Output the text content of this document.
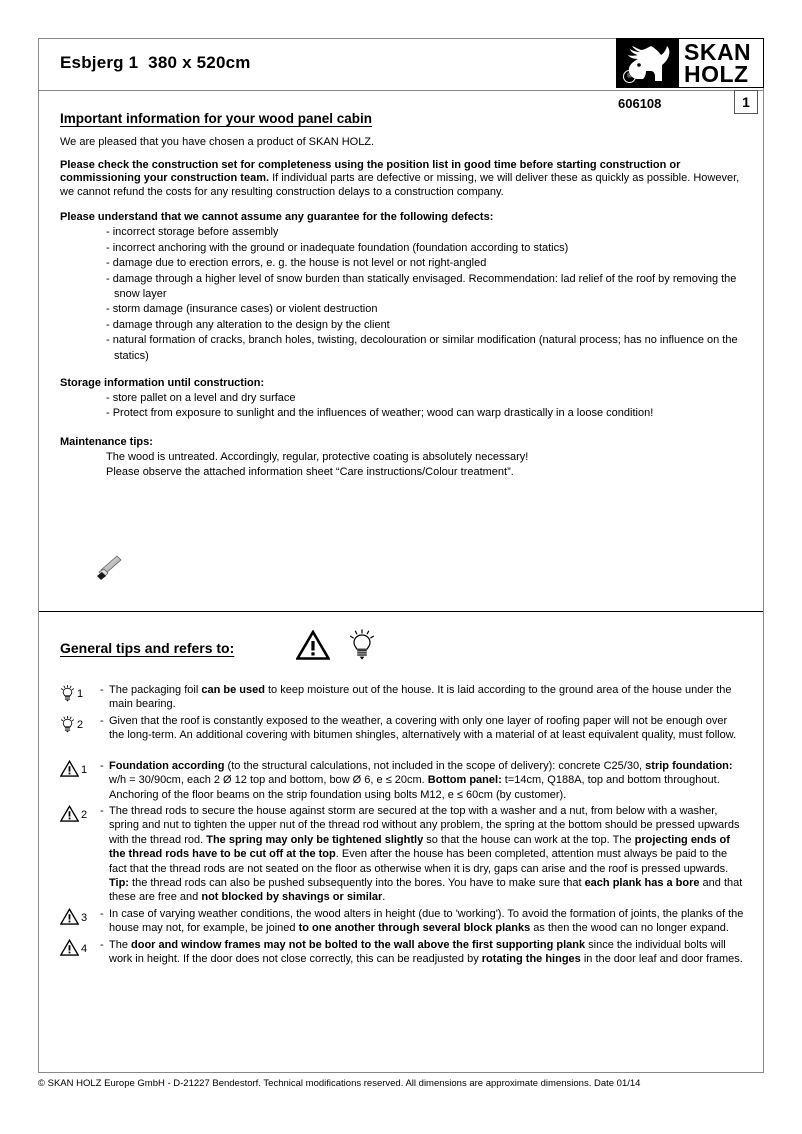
Esbjerg 1  380 x 520cm
Important information for your wood panel cabin

We are pleased that you have chosen a product of SKAN HOLZ.

Please check the construction set for completeness using the position list in good time before starting construction or commissioning your construction team. If individual parts are defective or missing, we will deliver these as quickly as possible. However, we cannot refund the costs for any resulting construction delays to a construction company.

Please understand that we cannot assume any guarantee for the following defects:

- incorrect storage before assembly
- incorrect anchoring with the ground or inadequate foundation (foundation according to statics)
- damage due to erection errors, e. g. the house is not level or not right-angled
- damage through a higher level of snow burden than statically envisaged. Recommendation: lad relief of the roof by removing the snow layer
- storm damage (insurance cases) or violent destruction
- damage through any alteration to the design by the client
- natural formation of cracks, branch holes, twisting, decolouration or similar modification (natural process; has no influence on the statics)

Storage information until construction:

- store pallet on a level and dry surface
- Protect from exposure to sunlight and the influences of weather; wood can warp drastically in a loose condition!

Maintenance tips:

The wood is untreated. Accordingly, regular, protective coating is absolutely necessary!
Please observe the attached information sheet “Care instructions/Colour treatment”.
General tips and refers to:
1 - The packaging foil can be used to keep moisture out of the house. It is laid according to the ground area of the house under the main bearing.
2 - Given that the roof is constantly exposed to the weather, a covering with only one layer of roofing paper will not be enough over the long-term. An additional covering with bitumen shingles, alternatively with a material of at least equivalent quality, must follow.
1 - Foundation according (to the structural calculations, not included in the scope of delivery): concrete C25/30, strip foundation: w/h = 30/90cm, each 2 Ø 12 top and bottom, bow Ø 6, e ≤ 20cm. Bottom panel: t=14cm, Q188A, top and bottom throughout. Anchoring of the floor beams on the strip foundation using bolts M12, e ≤ 60cm (by customer).
2 - The thread rods to secure the house against storm are secured at the top with a washer and a nut, from below with a washer, spring and nut to tighten the upper nut of the thread rod without any problem, the spring at the bottom should be pressed upwards with the thread rod. The spring may only be tightened slightly so that the house can work at the top. The projecting ends of the thread rods have to be cut off at the top. Even after the house has been completed, attention must always be paid to the fact that the thread rods are not seated on the floor as otherwise when it is dry, gaps can arise and the roof is pressed upwards. Tip: the thread rods can also be pushed subsequently into the bores. You have to make sure that each plank has a bore and that these are free and not blocked by shavings or similar.
3 - In case of varying weather conditions, the wood alters in height (due to 'working'). To avoid the formation of joints, the planks of the house may not, for example, be joined to one another through several block planks as then the wood can no longer expand.
4 - The door and window frames may not be bolted to the wall above the first supporting plank since the individual bolts will work in height. If the door does not close correctly, this can be readjusted by rotating the hinges in the door leaf and door frames.
®
SKAN
HOLZ
606108	1
© SKAN HOLZ Europe GmbH - D-21227 Bendestorf. Technical modifications reserved. All dimensions are approximate dimensions. Date 01/14
